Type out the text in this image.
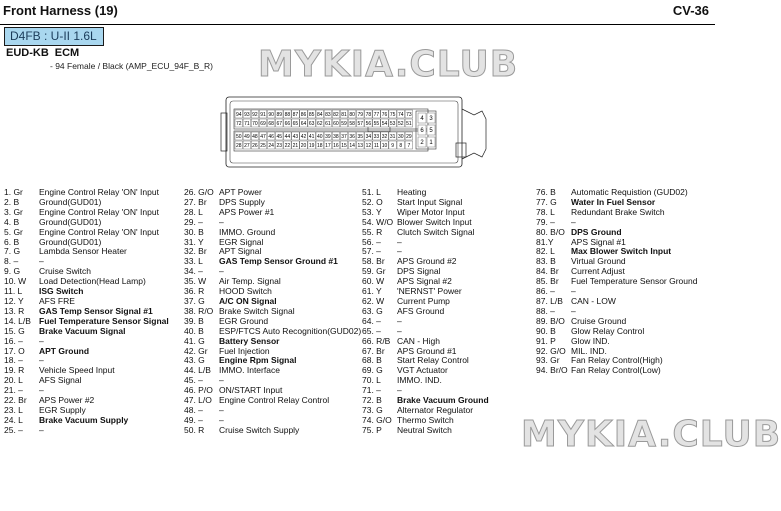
Front Harness (19)	CV-36
D4FB : U-II 1.6L
EUD-KB ECM
- 94 Female / Black (AMP_ECU_94F_B_R) MYKIA.CLUB
94 93 92 91 90 89 88 87 86 85 84 83 82 81 80 79 78 77 76 75 74 73
72 71 70 69 68 67 66 65 64 63 62 61 60 59 58 57 56 55 54 53 52 51
50 49 48 47 46 45 44 43 42 41 40 39 38 37 36 35 34 33 32 31 30 29
28 27 26 25 24 23 22 21 20 19 18 17 16 15 14 13 12 11 10 9 8 7
4 3
6 5
2 1
1. Gr	Engine Control Relay 'ON' Input
2. B	Ground(GUD01)
3. Gr	Engine Control Relay 'ON' Input
4. B	Ground(GUD01)
5. Gr	Engine Control Relay 'ON' Input
6. B	Ground(GUD01)
7. G	Lambda Sensor Heater
8. –	–
9. G	Cruise Switch
10. W	Load Detection(Head Lamp)
11. L	ISG Switch
12. Y	AFS FRE
13. R	GAS Temp Sensor Signal #1
14. L/B Fuel Temperature Sensor Signal
15. G	Brake Vacuum Signal
16. –	–
17. O	APT Ground
18. –	–
19. R	Vehicle Speed Input
20. L	AFS Signal
21. –	–
22. Br	APS Power #2
23. L	EGR Supply
24. L	Brake Vacuum Supply
25. –	–
26. G/O APT Power
27. Br	DPS Supply
28. L	APS Power #1
29. –	–
30. B	IMMO. Ground
31. Y	EGR Signal
32. Br	APT Signal
33. L	GAS Temp Sensor Ground #1
34. –	–
35. W	Air Temp. Signal
36. R	HOOD Switch
37. G	A/C ON Signal
38. R/O Brake Switch Signal
39. B	EGR Ground
40. B	ESP/FTCS Auto Recognition(GUD02)
41. G	Battery Sensor
42. Gr	Fuel Injection
43. G	Engine Rpm Signal
44. L/B IMMO. Interface
45. –	–
46. P/O ON/START Input
47. L/O Engine Control Relay Control
48. –	–
49. –	–
50. R	Cruise Switch Supply
51. L	Heating
52. O	Start Input Signal
53. Y	Wiper Motor Input
54. W/O Blower Switch Input
55. R	Clutch Switch Signal
56. –	–
57. –	–
58. Br	APS Ground #2
59. Gr	DPS Signal
60. W	APS Signal #2
61. Y	'NERNST' Power
62. W	Current Pump
63. G	AFS Ground
64. –	–
65. –	–
66. R/B CAN - High
67. Br	APS Ground #1
68. B	Start Relay Control
69. G	VGT Actuator
70. L	IMMO. IND.
71. –	–
72. B	Brake Vacuum Ground
73. G	Alternator Regulator
74. G/O Thermo Switch
75. P	Neutral Switch
76. B	Automatic Requistion (GUD02)
77. G	Water In Fuel Sensor
78. L	Redundant Brake Switch
79. –	–
80. B/O DPS Ground
81.Y	APS Signal #1
82. L	Max Blower Switch Input
83. B	Virtual Ground
84. Br	Current Adjust
85. Br	Fuel Temperature Sensor Ground
86. –	–
87. L/B CAN - LOW
88. –	–
89. B/O Cruise Ground
90. B	Glow Relay Control
91. P	Glow IND.
92. G/O MIL. IND.
93. Gr	Fan Relay Control(High)
94. Br/O Fan Relay Control(Low)
MYKIA.CLUB
